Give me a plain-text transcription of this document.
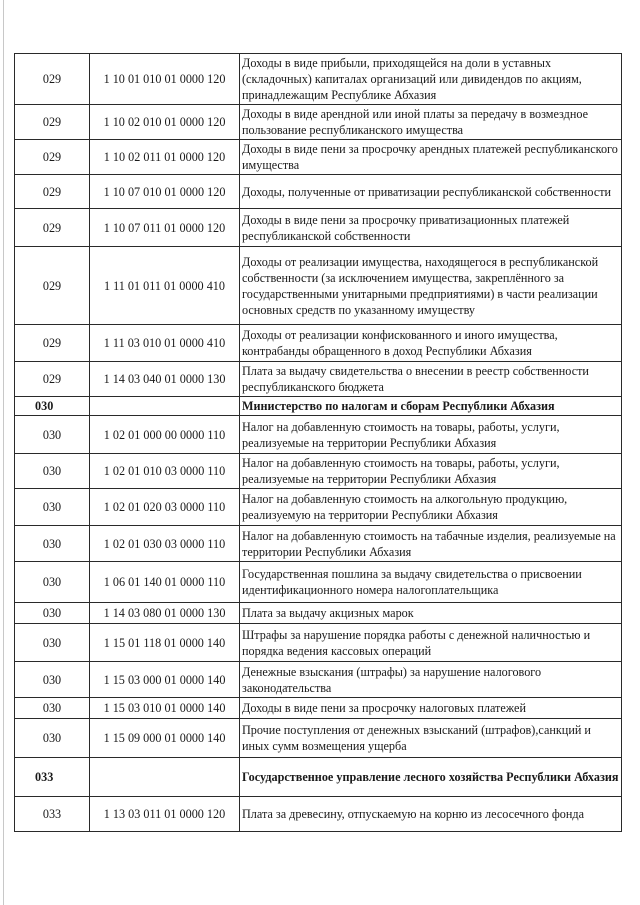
029	1 10 01 010 01 0000 120	Доходы в виде прибыли, приходящейся на доли в уставных (складочных) капиталах организаций или дивидендов по акциям, принадлежащим Республике Абхазия
029	1 10 02 010 01 0000 120	Доходы в виде арендной или иной платы за передачу в возмездное пользование республиканского имущества
029	1 10 02 011 01 0000 120	Доходы в виде пени за просрочку арендных платежей республиканского имущества
029	1 10 07 010 01 0000 120	Доходы, полученные от приватизации республиканской собственности
029	1 10 07 011 01 0000 120	Доходы в виде пени за просрочку приватизационных платежей республиканской собственности
029	1 11 01 011 01 0000 410	Доходы от реализации имущества, находящегося в республиканской собственности (за исключением имущества, закреплённого за государственными унитарными предприятиями) в части реализации основных средств по указанному имуществу
029	1 11 03 010 01 0000 410	Доходы от реализации конфискованного и иного имущества, контрабанды обращенного в доход Республики Абхазия
029	1 14 03 040 01 0000 130	Плата за выдачу свидетельства о внесении в реестр собственности республиканского бюджета
030		Министерство по налогам и сборам Республики Абхазия
030	1 02 01 000 00 0000 110	Налог на добавленную стоимость на товары, работы, услуги, реализуемые на территории Республики Абхазия
030	1 02 01 010 03 0000 110	Налог на добавленную стоимость на товары, работы, услуги, реализуемые на территории Республики Абхазия
030	1 02 01 020 03 0000 110	Налог на добавленную стоимость на алкогольную продукцию, реализуемую на территории Республики Абхазия
030	1 02 01 030 03 0000 110	Налог на добавленную стоимость на табачные изделия, реализуемые на территории Республики Абхазия
030	1 06 01 140 01 0000 110	Государственная пошлина за выдачу свидетельства о присвоении идентификационного номера налогоплательщика
030	1 14 03 080 01 0000 130	Плата за выдачу акцизных марок
030	1 15 01 118 01 0000 140	Штрафы за нарушение порядка работы с денежной наличностью и порядка ведения кассовых операций
030	1 15 03 000 01 0000 140	Денежные взыскания (штрафы) за нарушение налогового законодательства
030	1 15 03 010 01 0000 140	Доходы в виде пени за просрочку налоговых платежей
030	1 15 09 000 01 0000 140	Прочие поступления от денежных взысканий (штрафов),санкций и иных сумм возмещения ущерба
033		Государственное управление лесного хозяйства Республики Абхазия
033	1 13 03 011 01 0000 120	Плата за древесину, отпускаемую на корню из лесосечного фонда
